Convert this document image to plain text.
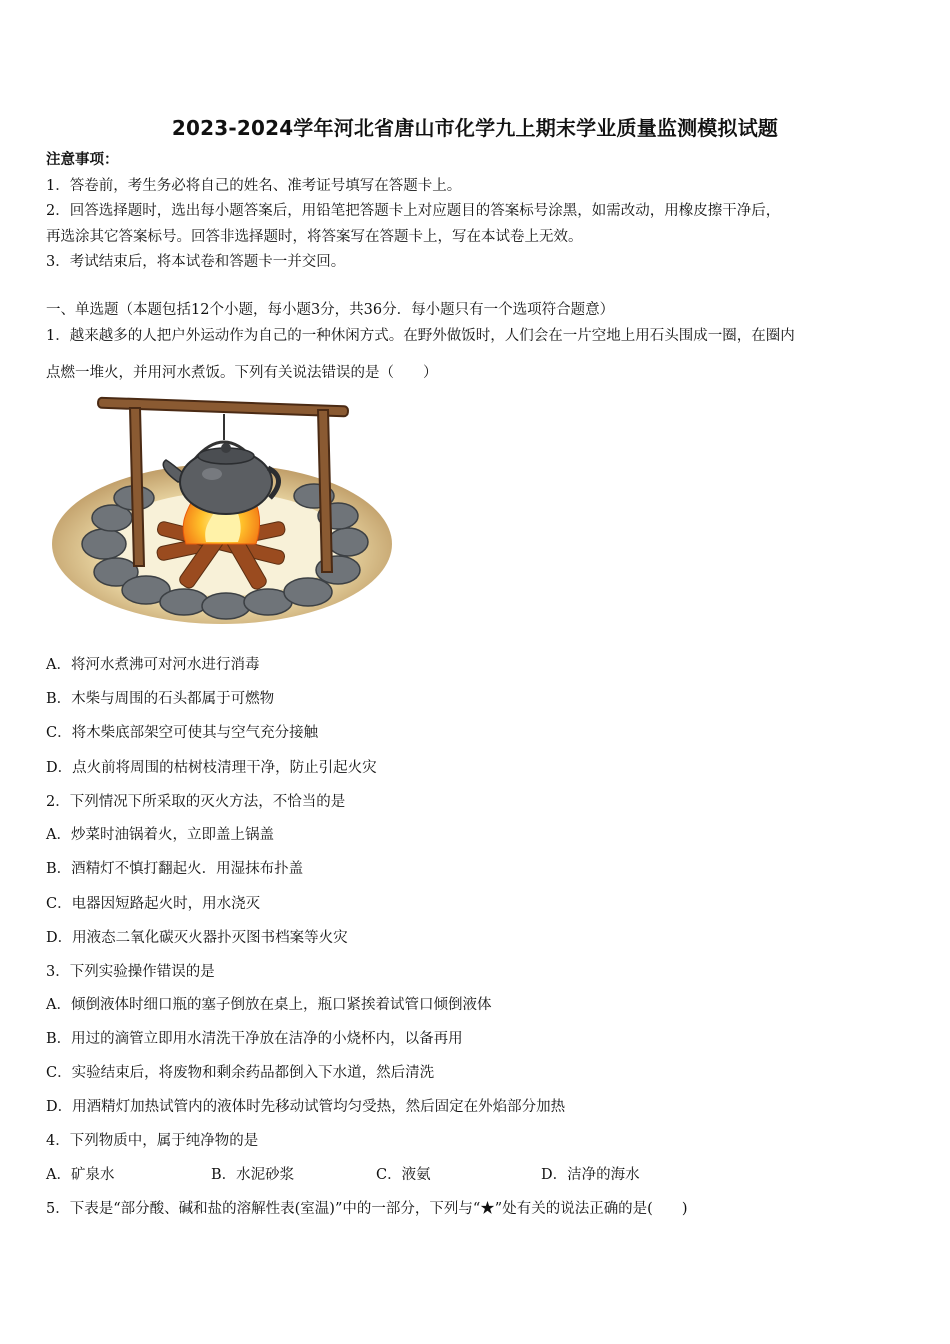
2023-2024学年河北省唐山市化学九上期末学业质量监测模拟试题
注意事项：
1．答卷前，考生务必将自己的姓名、准考证号填写在答题卡上。
2．回答选择题时，选出每小题答案后，用铅笔把答题卡上对应题目的答案标号涂黑，如需改动，用橡皮擦干净后，
再选涂其它答案标号。回答非选择题时，将答案写在答题卡上，写在本试卷上无效。
3．考试结束后，将本试卷和答题卡一并交回。
一、单选题（本题包括12个小题，每小题3分，共36分．每小题只有一个选项符合题意）
1．越来越多的人把户外运动作为自己的一种休闲方式。在野外做饭时，人们会在一片空地上用石头围成一圈，在圈内
点燃一堆火，并用河水煮饭。下列有关说法错误的是（　　）
A．将河水煮沸可对河水进行消毒
B．木柴与周围的石头都属于可燃物
C．将木柴底部架空可使其与空气充分接触
D．点火前将周围的枯树枝清理干净，防止引起火灾
2．下列情况下所采取的灭火方法，不恰当的是
A．炒菜时油锅着火，立即盖上锅盖
B．酒精灯不慎打翻起火．用湿抹布扑盖
C．电器因短路起火时，用水浇灭
D．用液态二氧化碳灭火器扑灭图书档案等火灾
3．下列实验操作错误的是
A．倾倒液体时细口瓶的塞子倒放在桌上，瓶口紧挨着试管口倾倒液体
B．用过的滴管立即用水清洗干净放在洁净的小烧杯内，以备再用
C．实验结束后，将废物和剩余药品都倒入下水道，然后清洗
D．用酒精灯加热试管内的液体时先移动试管均匀受热，然后固定在外焰部分加热
4．下列物质中，属于纯净物的是
A．矿泉水	B．水泥砂浆	C．液氨	D．洁净的海水
5．下表是“部分酸、碱和盐的溶解性表(室温)”中的一部分，下列与“★”处有关的说法正确的是(　　)
